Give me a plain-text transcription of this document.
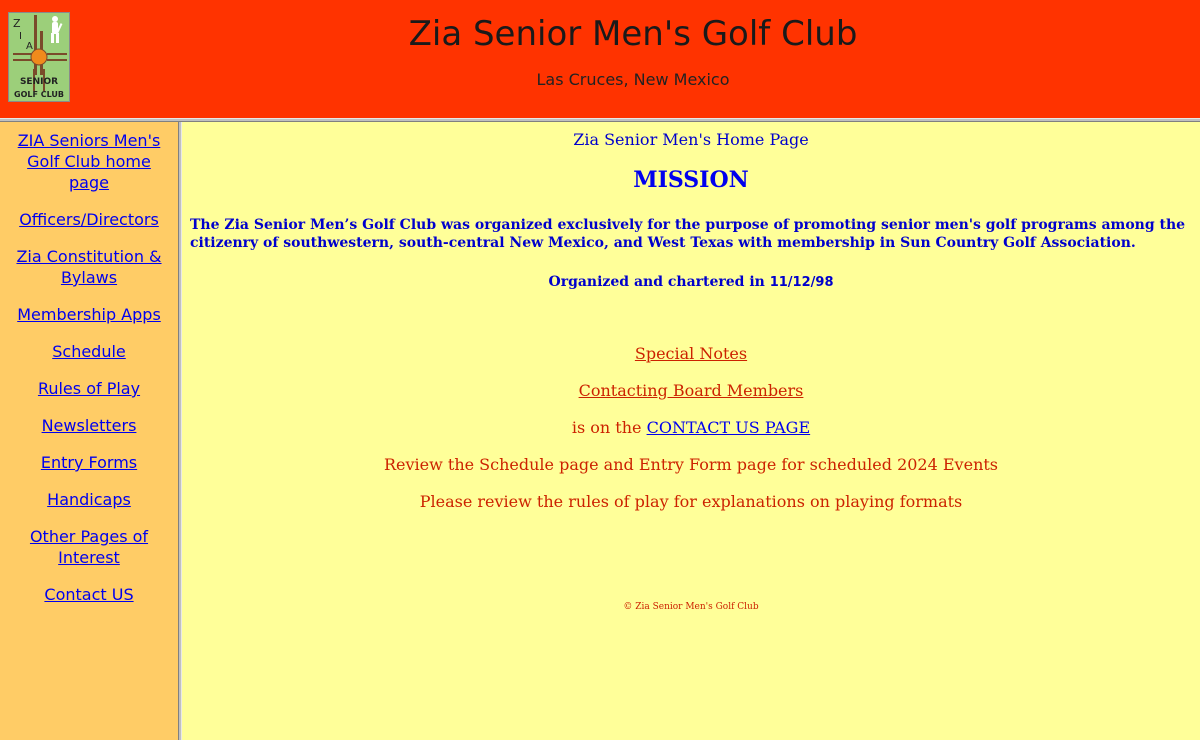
Z
I
A
SENIOR
GOLF CLUB
Zia Senior Men's Golf Club
Las Cruces, New Mexico
ZIA Seniors Men's Golf Club home page
Officers/Directors
Zia Constitution & Bylaws
Membership Apps
Schedule
Rules of Play
Newsletters
Entry Forms
Handicaps
Other Pages of Interest
Contact US
Zia Senior Men's Home Page
MISSION
The Zia Senior Men’s Golf Club was organized exclusively for the purpose of promoting senior men's golf programs among the citizenry of southwestern, south-central New Mexico, and West Texas with membership in Sun Country Golf Association.
Organized and chartered in 11/12/98
Special Notes
Contacting Board Members
is on the CONTACT US PAGE
Review the Schedule page and Entry Form page for scheduled 2024 Events
Please review the rules of play for explanations on playing formats
© Zia Senior Men's Golf Club
